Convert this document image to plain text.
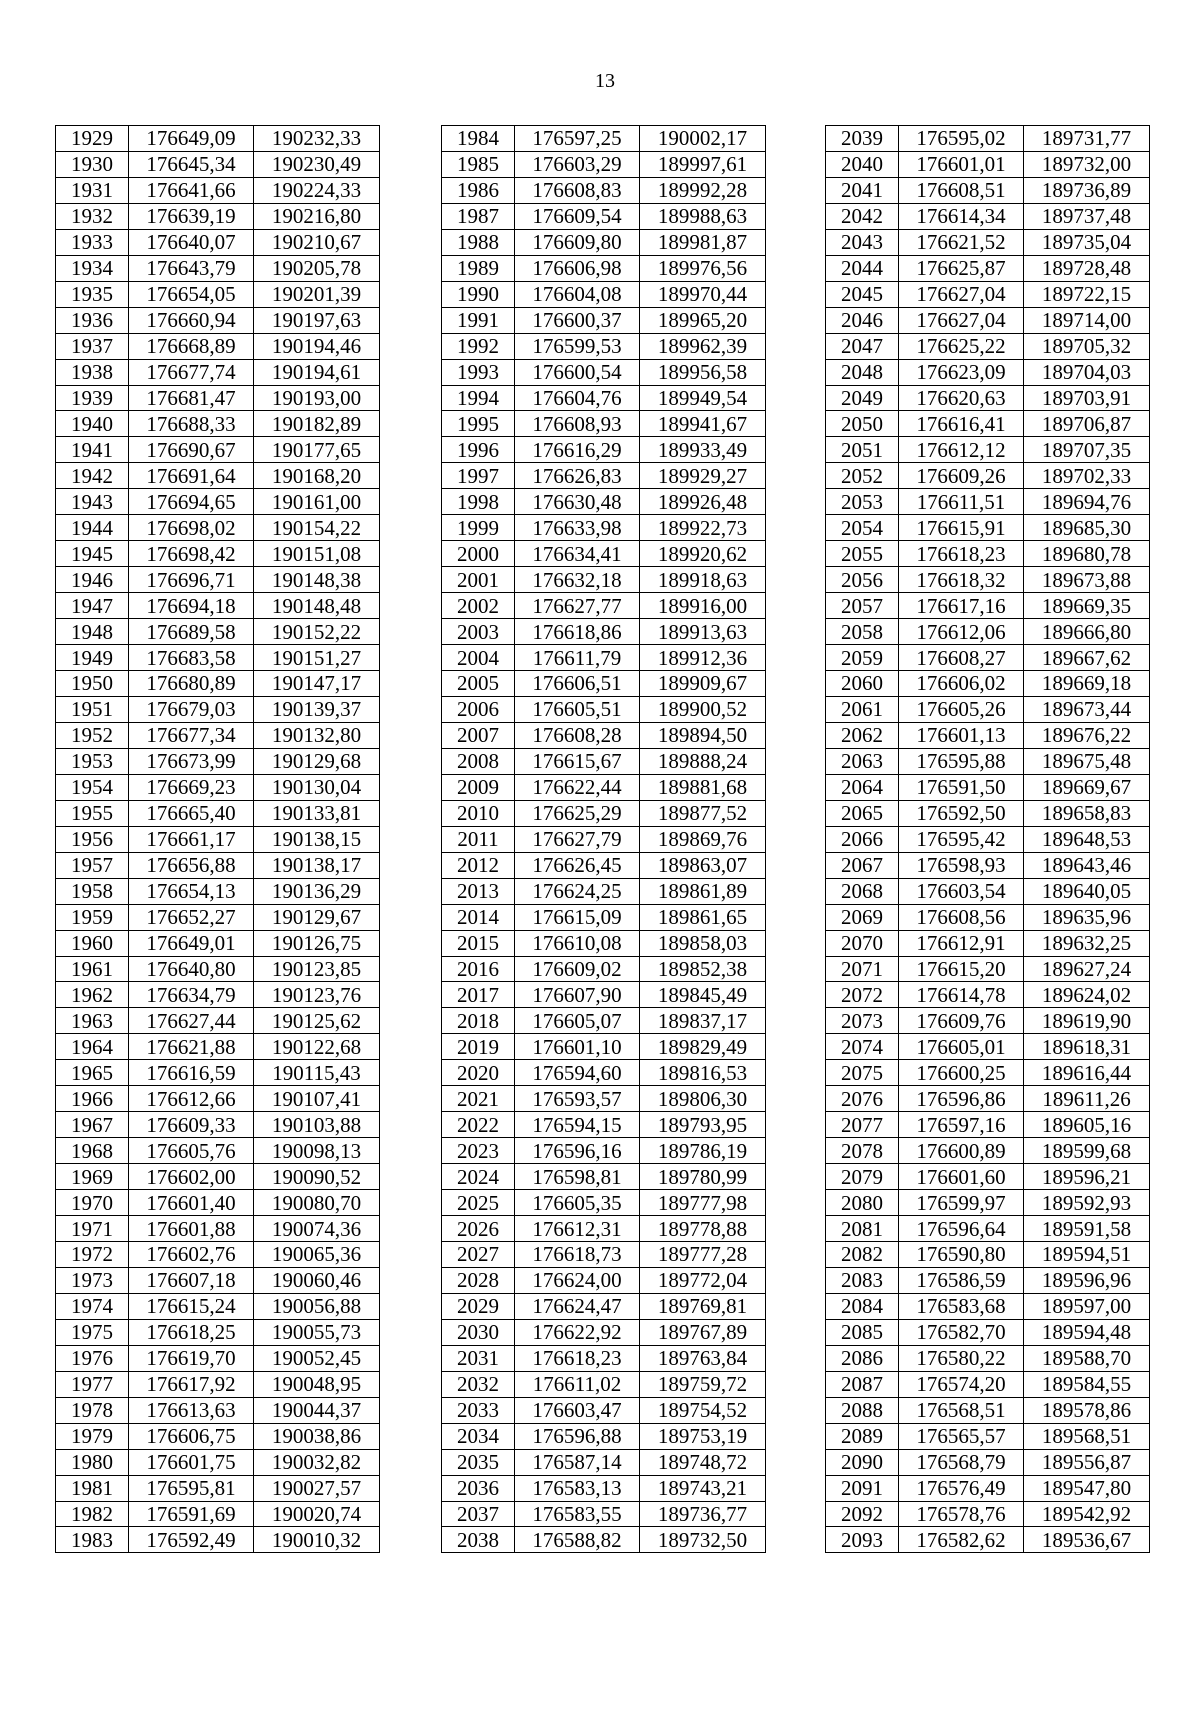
13
1929	176649,09	190232,33
1930	176645,34	190230,49
1931	176641,66	190224,33
1932	176639,19	190216,80
1933	176640,07	190210,67
1934	176643,79	190205,78
1935	176654,05	190201,39
1936	176660,94	190197,63
1937	176668,89	190194,46
1938	176677,74	190194,61
1939	176681,47	190193,00
1940	176688,33	190182,89
1941	176690,67	190177,65
1942	176691,64	190168,20
1943	176694,65	190161,00
1944	176698,02	190154,22
1945	176698,42	190151,08
1946	176696,71	190148,38
1947	176694,18	190148,48
1948	176689,58	190152,22
1949	176683,58	190151,27
1950	176680,89	190147,17
1951	176679,03	190139,37
1952	176677,34	190132,80
1953	176673,99	190129,68
1954	176669,23	190130,04
1955	176665,40	190133,81
1956	176661,17	190138,15
1957	176656,88	190138,17
1958	176654,13	190136,29
1959	176652,27	190129,67
1960	176649,01	190126,75
1961	176640,80	190123,85
1962	176634,79	190123,76
1963	176627,44	190125,62
1964	176621,88	190122,68
1965	176616,59	190115,43
1966	176612,66	190107,41
1967	176609,33	190103,88
1968	176605,76	190098,13
1969	176602,00	190090,52
1970	176601,40	190080,70
1971	176601,88	190074,36
1972	176602,76	190065,36
1973	176607,18	190060,46
1974	176615,24	190056,88
1975	176618,25	190055,73
1976	176619,70	190052,45
1977	176617,92	190048,95
1978	176613,63	190044,37
1979	176606,75	190038,86
1980	176601,75	190032,82
1981	176595,81	190027,57
1982	176591,69	190020,74
1983	176592,49	190010,32
1984	176597,25	190002,17
1985	176603,29	189997,61
1986	176608,83	189992,28
1987	176609,54	189988,63
1988	176609,80	189981,87
1989	176606,98	189976,56
1990	176604,08	189970,44
1991	176600,37	189965,20
1992	176599,53	189962,39
1993	176600,54	189956,58
1994	176604,76	189949,54
1995	176608,93	189941,67
1996	176616,29	189933,49
1997	176626,83	189929,27
1998	176630,48	189926,48
1999	176633,98	189922,73
2000	176634,41	189920,62
2001	176632,18	189918,63
2002	176627,77	189916,00
2003	176618,86	189913,63
2004	176611,79	189912,36
2005	176606,51	189909,67
2006	176605,51	189900,52
2007	176608,28	189894,50
2008	176615,67	189888,24
2009	176622,44	189881,68
2010	176625,29	189877,52
2011	176627,79	189869,76
2012	176626,45	189863,07
2013	176624,25	189861,89
2014	176615,09	189861,65
2015	176610,08	189858,03
2016	176609,02	189852,38
2017	176607,90	189845,49
2018	176605,07	189837,17
2019	176601,10	189829,49
2020	176594,60	189816,53
2021	176593,57	189806,30
2022	176594,15	189793,95
2023	176596,16	189786,19
2024	176598,81	189780,99
2025	176605,35	189777,98
2026	176612,31	189778,88
2027	176618,73	189777,28
2028	176624,00	189772,04
2029	176624,47	189769,81
2030	176622,92	189767,89
2031	176618,23	189763,84
2032	176611,02	189759,72
2033	176603,47	189754,52
2034	176596,88	189753,19
2035	176587,14	189748,72
2036	176583,13	189743,21
2037	176583,55	189736,77
2038	176588,82	189732,50
2039	176595,02	189731,77
2040	176601,01	189732,00
2041	176608,51	189736,89
2042	176614,34	189737,48
2043	176621,52	189735,04
2044	176625,87	189728,48
2045	176627,04	189722,15
2046	176627,04	189714,00
2047	176625,22	189705,32
2048	176623,09	189704,03
2049	176620,63	189703,91
2050	176616,41	189706,87
2051	176612,12	189707,35
2052	176609,26	189702,33
2053	176611,51	189694,76
2054	176615,91	189685,30
2055	176618,23	189680,78
2056	176618,32	189673,88
2057	176617,16	189669,35
2058	176612,06	189666,80
2059	176608,27	189667,62
2060	176606,02	189669,18
2061	176605,26	189673,44
2062	176601,13	189676,22
2063	176595,88	189675,48
2064	176591,50	189669,67
2065	176592,50	189658,83
2066	176595,42	189648,53
2067	176598,93	189643,46
2068	176603,54	189640,05
2069	176608,56	189635,96
2070	176612,91	189632,25
2071	176615,20	189627,24
2072	176614,78	189624,02
2073	176609,76	189619,90
2074	176605,01	189618,31
2075	176600,25	189616,44
2076	176596,86	189611,26
2077	176597,16	189605,16
2078	176600,89	189599,68
2079	176601,60	189596,21
2080	176599,97	189592,93
2081	176596,64	189591,58
2082	176590,80	189594,51
2083	176586,59	189596,96
2084	176583,68	189597,00
2085	176582,70	189594,48
2086	176580,22	189588,70
2087	176574,20	189584,55
2088	176568,51	189578,86
2089	176565,57	189568,51
2090	176568,79	189556,87
2091	176576,49	189547,80
2092	176578,76	189542,92
2093	176582,62	189536,67
